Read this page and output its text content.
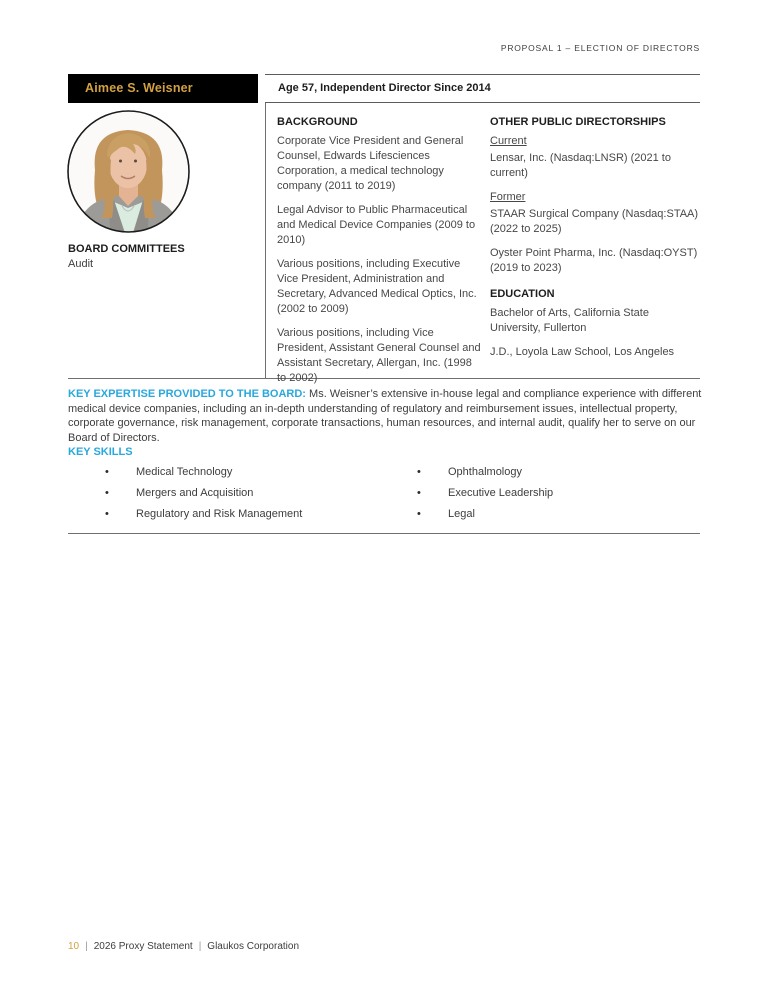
PROPOSAL 1 – ELECTION OF DIRECTORS
Aimee S. Weisner	Age 57, Independent Director Since 2014
BOARD COMMITTEES
Audit
BACKGROUND

Corporate Vice President and General Counsel, Edwards Lifesciences Corporation, a medical technology company (2011 to 2019)

Legal Advisor to Public Pharmaceutical and Medical Device Companies (2009 to 2010)

Various positions, including Executive Vice President, Administration and Secretary, Advanced Medical Optics, Inc. (2002 to 2009)

Various positions, including Vice President, Assistant General Counsel and Assistant Secretary, Allergan, Inc. (1998 to 2002)

OTHER PUBLIC DIRECTORSHIPS

Current

Lensar, Inc. (Nasdaq:LNSR) (2021 to current)

Former

STAAR Surgical Company (Nasdaq:STAA) (2022 to 2025)

Oyster Point Pharma, Inc. (Nasdaq:OYST) (2019 to 2023)

EDUCATION

Bachelor of Arts, California State University, Fullerton

J.D., Loyola Law School, Los Angeles

KEY EXPERTISE PROVIDED TO THE BOARD: Ms. Weisner’s extensive in-house legal and compliance experience with different medical device companies, including an in-depth understanding of regulatory and reimbursement issues, intellectual property, corporate governance, risk management, corporate transactions, human resources, and internal audit, qualify her to serve on our Board of Directors.

KEY SKILLS
•
Medical Technology
•
Mergers and Acquisition
•
Regulatory and Risk Management
•
Ophthalmology
•
Executive Leadership
•
Legal
10 | 2026 Proxy Statement | Glaukos Corporation
